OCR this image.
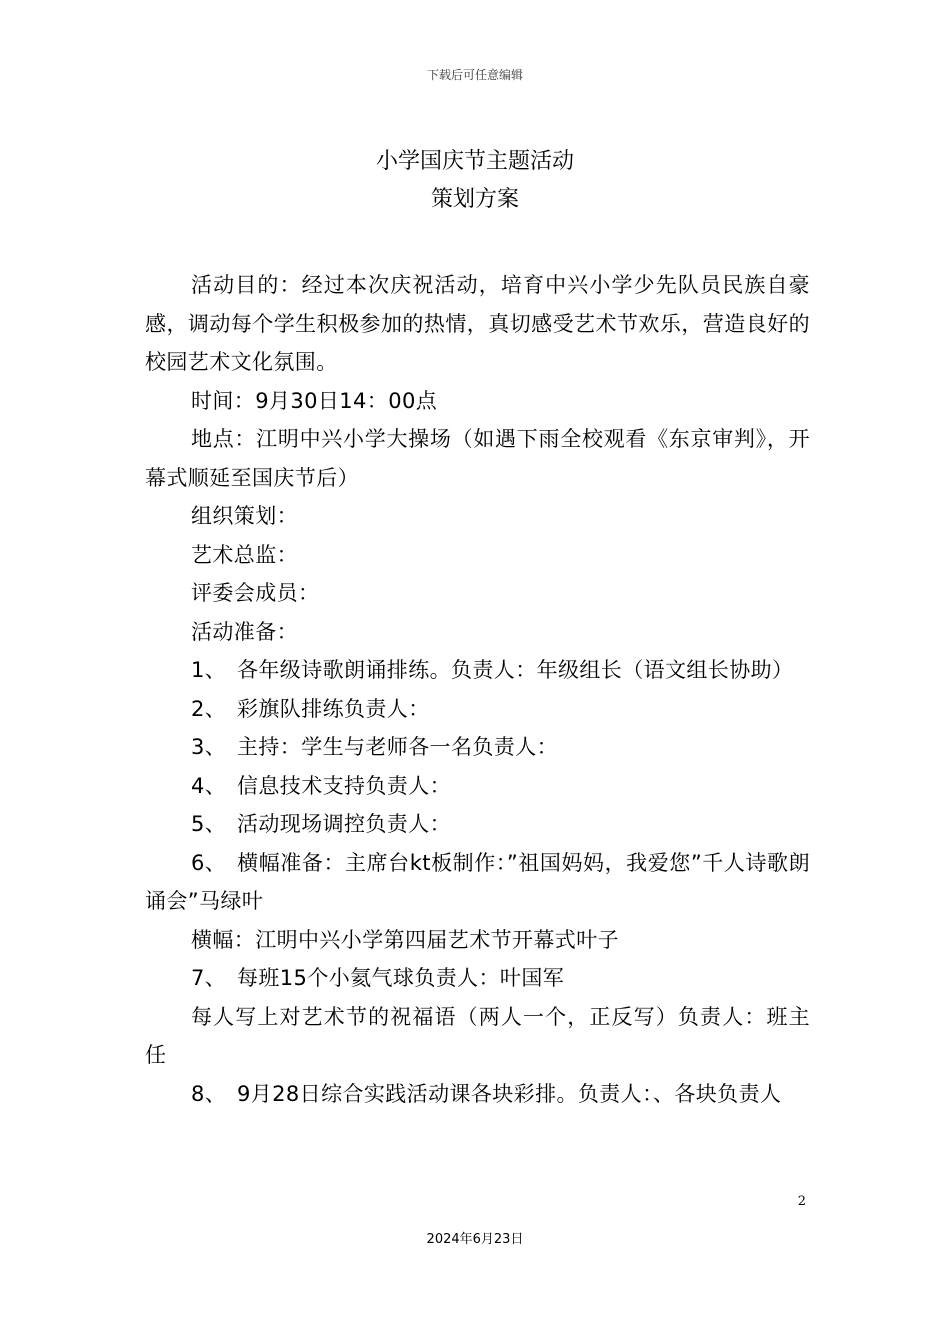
下载后可任意编辑
小学国庆节主题活动
策划方案

活动目的：经过本次庆祝活动，培育中兴小学少先队员民族自豪感，调动每个学生积极参加的热情，真切感受艺术节欢乐，营造良好的校园艺术文化氛围。

时间：9月30日14：00点

地点：江明中兴小学大操场（如遇下雨全校观看《东京审判》，开幕式顺延至国庆节后）

组织策划：

艺术总监：

评委会成员：

活动准备：

1、 各年级诗歌朗诵排练。负责人：年级组长（语文组长协助）

2、 彩旗队排练负责人：

3、 主持：学生与老师各一名负责人：

4、 信息技术支持负责人：

5、 活动现场调控负责人：

6、 横幅准备：主席台kt板制作：”祖国妈妈，我爱您”千人诗歌朗诵会”马绿叶

横幅：江明中兴小学第四届艺术节开幕式叶子

7、 每班15个小氦气球负责人：叶国军

每人写上对艺术节的祝福语（两人一个，正反写）负责人：班主任

8、 9月28日综合实践活动课各块彩排。负责人：、各块负责人

2
2024年6月23日
